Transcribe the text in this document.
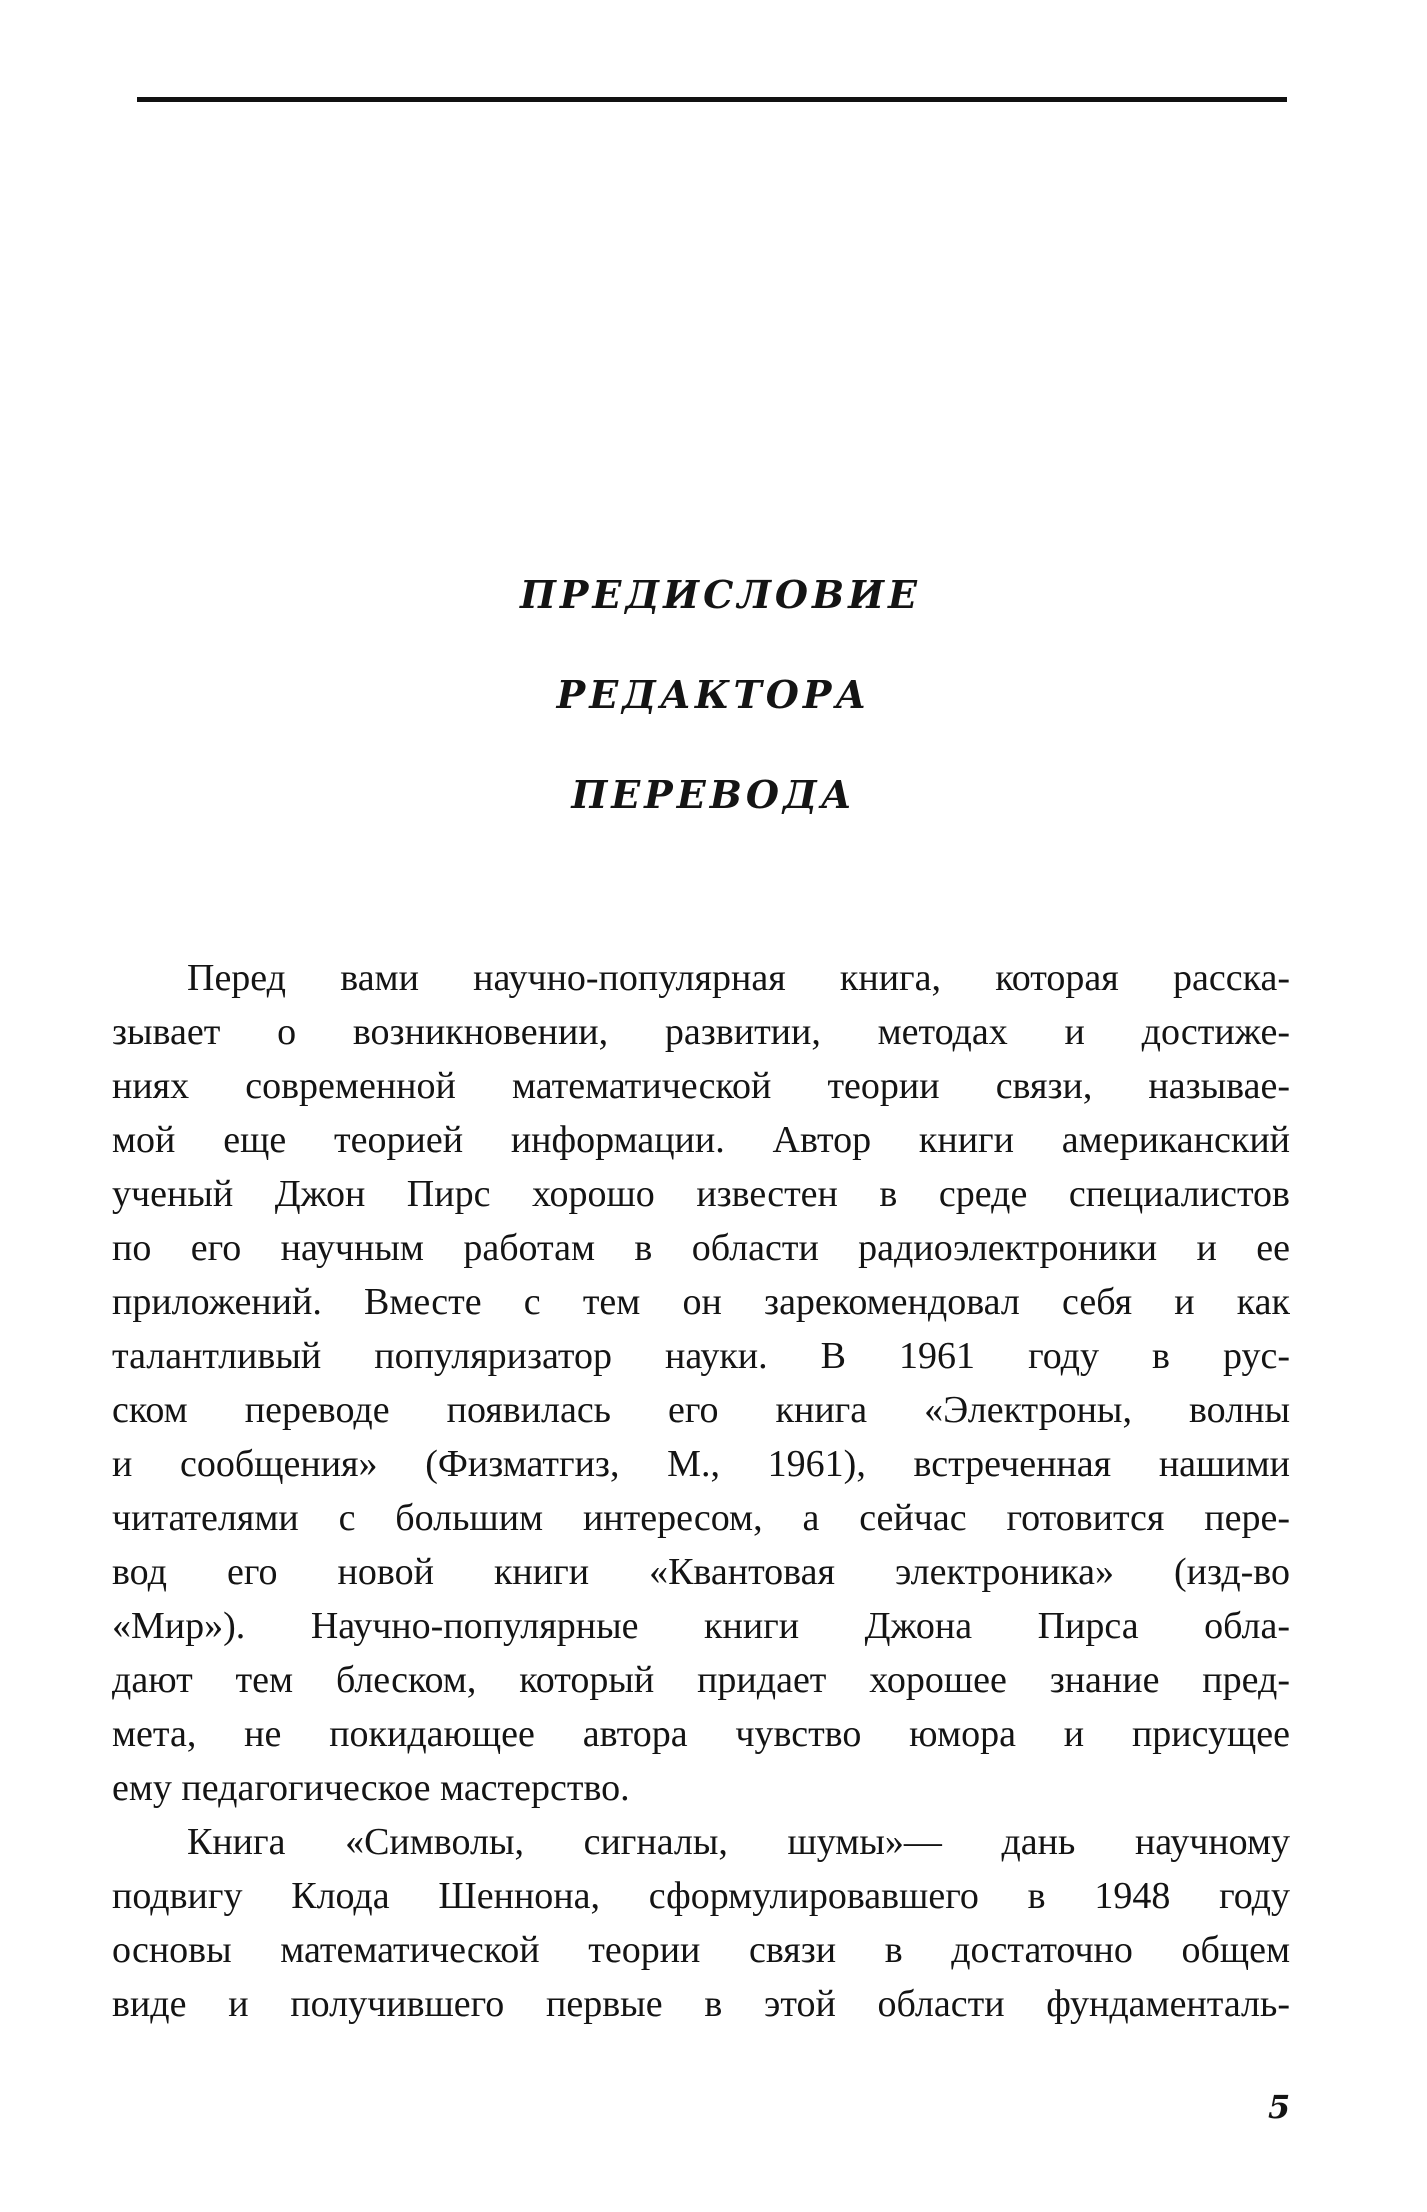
ПРЕДИСЛОВИЕ
РЕДАКТОРА
ПЕРЕВОДА
Перед вами научно-популярная книга, которая расска-
зывает о возникновении, развитии, методах и достиже-
ниях современной математической теории связи, называе-
мой еще теорией информации. Автор книги американский
ученый Джон Пирс хорошо известен в среде специалистов
по его научным работам в области радиоэлектроники и ее
приложений. Вместе с тем он зарекомендовал себя и как
талантливый популяризатор науки. В 1961 году в рус-
ском переводе появилась его книга «Электроны, волны
и сообщения» (Физматгиз, М., 1961), встреченная нашими
читателями с большим интересом, а сейчас готовится пере-
вод его новой книги «Квантовая электроника» (изд-во
«Мир»). Научно-популярные книги Джона Пирса обла-
дают тем блеском, который придает хорошее знание пред-
мета, не покидающее автора чувство юмора и присущее
ему педагогическое мастерство.
Книга «Символы, сигналы, шумы»— дань научному
подвигу Клода Шеннона, сформулировавшего в 1948 году
основы математической теории связи в достаточно общем
виде и получившего первые в этой области фундаменталь-
5
